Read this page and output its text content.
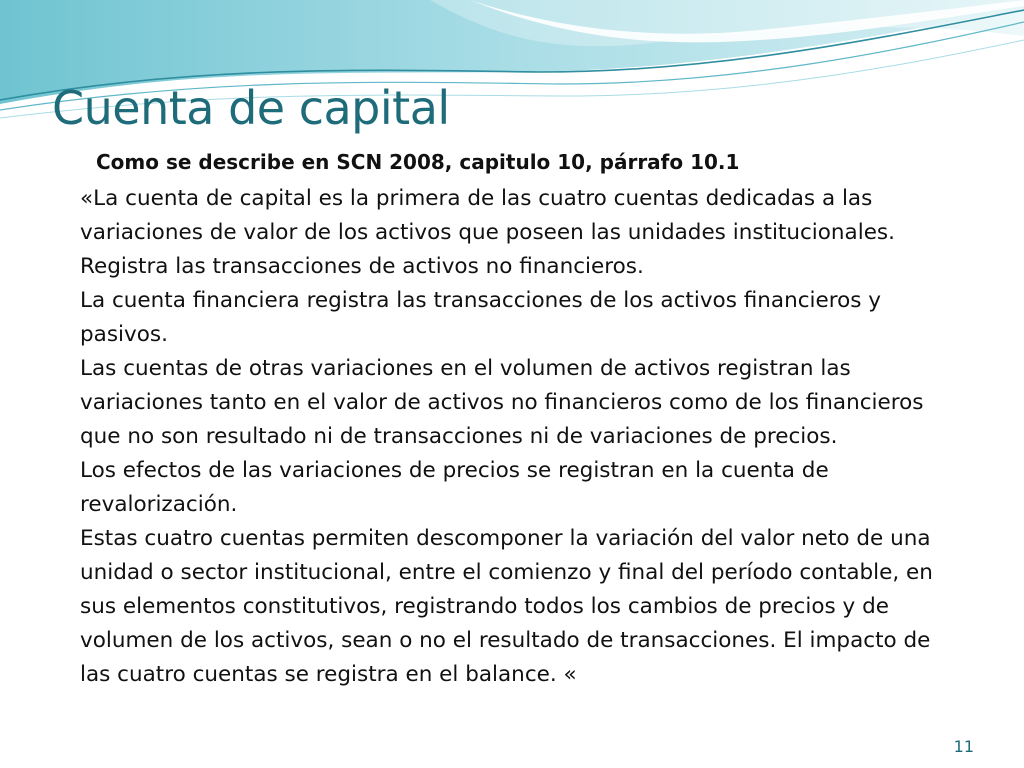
Cuenta de capital
Como se describe en SCN 2008, capitulo 10, párrafo 10.1

«La cuenta de capital es la primera de las cuatro cuentas dedicadas a las variaciones de valor de los activos que poseen las unidades institucionales. Registra las transacciones de activos no financieros.

La cuenta financiera registra las transacciones de los activos financieros y pasivos.

Las cuentas de otras variaciones en el volumen de activos registran las variaciones tanto en el valor de activos no financieros como de los financieros que no son resultado ni de transacciones ni de variaciones de precios.

Los efectos de las variaciones de precios se registran en la cuenta de revalorización.

Estas cuatro cuentas permiten descomponer la variación del valor neto de una unidad o sector institucional, entre el comienzo y final del período contable, en sus elementos constitutivos, registrando todos los cambios de precios y de volumen de los activos, sean o no el resultado de transacciones. El impacto de las cuatro cuentas se registra en el balance. «

11
